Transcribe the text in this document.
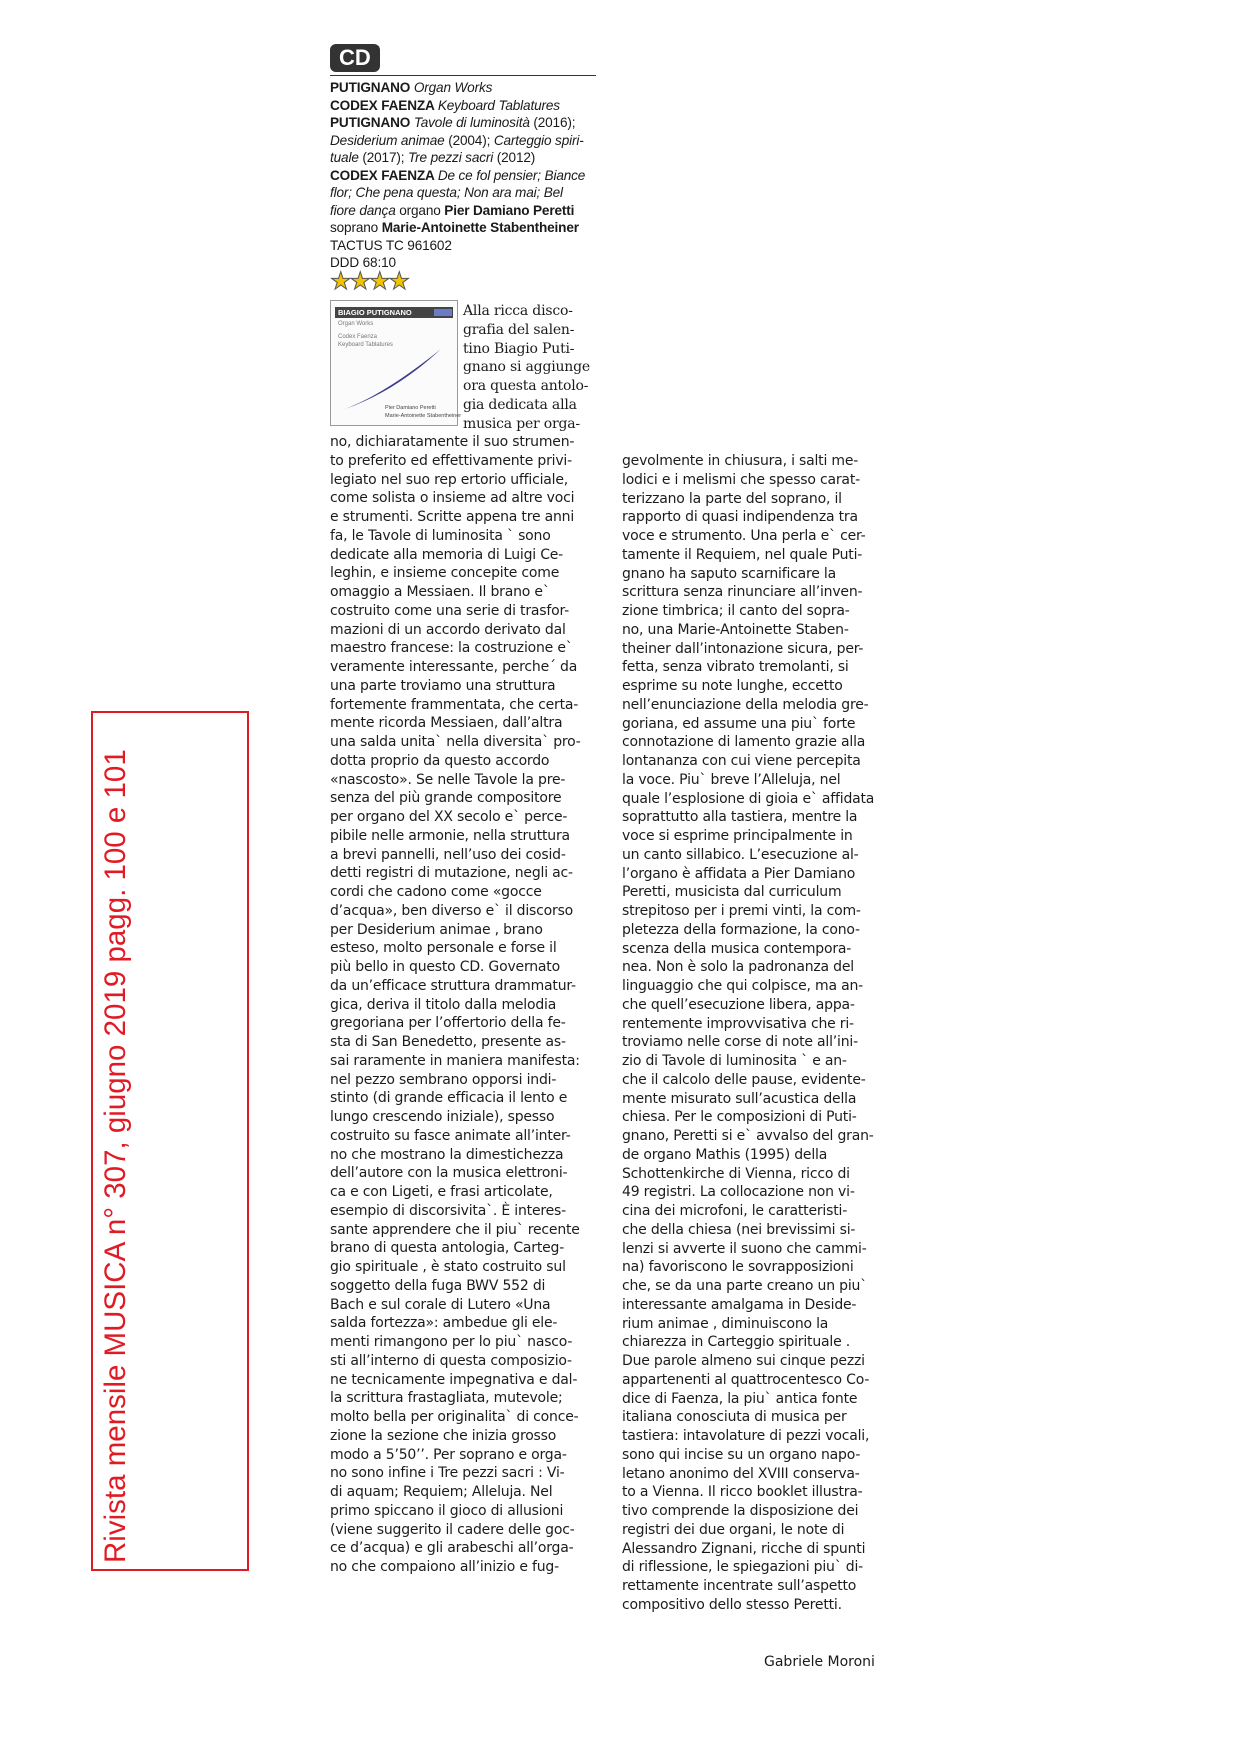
Rivista mensile MUSICA n° 307, giugno 2019 pagg. 100 e 101
CD
PUTIGNANO Organ Works
CODEX FAENZA Keyboard Tablatures
PUTIGNANO Tavole di luminosità (2016);
Desiderium animae (2004); Carteggio spiri-
tuale (2017); Tre pezzi sacri (2012)
CODEX FAENZA De ce fol pensier; Biance
flor; Che pena questa; Non ara mai; Bel
fiore dança organo Pier Damiano Peretti
soprano Marie-Antoinette Stabentheiner
TACTUS TC 961602
DDD 68:10
★★★★
BIAGIO PUTIGNANO
Organ Works
Codex Faenza
Keyboard Tablatures
Pier Damiano Peretti
Marie-Antoinette Stabentheiner
Alla ricca disco-
grafia del salen-
tino Biagio Puti-
gnano si aggiunge
ora questa antolo-
gia dedicata alla
musica per orga-
no, dichiaratamente il suo strumen-
to preferito ed effettivamente privi-
legiato nel suo rep ertorio ufficiale,
come solista o insieme ad altre voci
e strumenti. Scritte appena tre anni
fa, le Tavole di luminosita ` sono
dedicate alla memoria di Luigi Ce-
leghin, e insieme concepite come
omaggio a Messiaen. Il brano e`
costruito come una serie di trasfor-
mazioni di un accordo derivato dal
maestro francese: la costruzione e`
veramente interessante, perche´ da
una parte troviamo una struttura
fortemente frammentata, che certa-
mente ricorda Messiaen, dall’altra
una salda unita` nella diversita` pro-
dotta proprio da questo accordo
«nascosto». Se nelle Tavole la pre-
senza del più grande compositore
per organo del XX secolo e` perce-
pibile nelle armonie, nella struttura
a brevi pannelli, nell’uso dei cosid-
detti registri di mutazione, negli ac-
cordi che cadono come «gocce
d’acqua», ben diverso e` il discorso
per Desiderium animae , brano
esteso, molto personale e forse il
più bello in questo CD. Governato
da un’efficace struttura drammatur-
gica, deriva il titolo dalla melodia
gregoriana per l’offertorio della fe-
sta di San Benedetto, presente as-
sai raramente in maniera manifesta:
nel pezzo sembrano opporsi indi-
stinto (di grande efficacia il lento e
lungo crescendo iniziale), spesso
costruito su fasce animate all’inter-
no che mostrano la dimestichezza
dell’autore con la musica elettroni-
ca e con Ligeti, e frasi articolate,
esempio di discorsivita`. È interes-
sante apprendere che il piu` recente
brano di questa antologia, Carteg-
gio spirituale , è stato costruito sul
soggetto della fuga BWV 552 di
Bach e sul corale di Lutero «Una
salda fortezza»: ambedue gli ele-
menti rimangono per lo piu` nasco-
sti all’interno di questa composizio-
ne tecnicamente impegnativa e dal-
la scrittura frastagliata, mutevole;
molto bella per originalita` di conce-
zione la sezione che inizia grosso
modo a 5’50’’. Per soprano e orga-
no sono infine i Tre pezzi sacri : Vi-
di aquam; Requiem; Alleluja. Nel
primo spiccano il gioco di allusioni
(viene suggerito il cadere delle goc-
ce d’acqua) e gli arabeschi all’orga-
no che compaiono all’inizio e fug-
gevolmente in chiusura, i salti me-
lodici e i melismi che spesso carat-
terizzano la parte del soprano, il
rapporto di quasi indipendenza tra
voce e strumento. Una perla e` cer-
tamente il Requiem, nel quale Puti-
gnano ha saputo scarnificare la
scrittura senza rinunciare all’inven-
zione timbrica; il canto del sopra-
no, una Marie-Antoinette Staben-
theiner dall’intonazione sicura, per-
fetta, senza vibrato tremolanti, si
esprime su note lunghe, eccetto
nell’enunciazione della melodia gre-
goriana, ed assume una piu` forte
connotazione di lamento grazie alla
lontananza con cui viene percepita
la voce. Piu` breve l’Alleluja, nel
quale l’esplosione di gioia e` affidata
soprattutto alla tastiera, mentre la
voce si esprime principalmente in
un canto sillabico. L’esecuzione al-
l’organo è affidata a Pier Damiano
Peretti, musicista dal curriculum
strepitoso per i premi vinti, la com-
pletezza della formazione, la cono-
scenza della musica contempora-
nea. Non è solo la padronanza del
linguaggio che qui colpisce, ma an-
che quell’esecuzione libera, appa-
rentemente improvvisativa che ri-
troviamo nelle corse di note all’ini-
zio di Tavole di luminosita ` e an-
che il calcolo delle pause, evidente-
mente misurato sull’acustica della
chiesa. Per le composizioni di Puti-
gnano, Peretti si e` avvalso del gran-
de organo Mathis (1995) della
Schottenkirche di Vienna, ricco di
49 registri. La collocazione non vi-
cina dei microfoni, le caratteristi-
che della chiesa (nei brevissimi si-
lenzi si avverte il suono che cammi-
na) favoriscono le sovrapposizioni
che, se da una parte creano un piu`
interessante amalgama in Deside-
rium animae , diminuiscono la
chiarezza in Carteggio spirituale .
Due parole almeno sui cinque pezzi
appartenenti al quattrocentesco Co-
dice di Faenza, la piu` antica fonte
italiana conosciuta di musica per
tastiera: intavolature di pezzi vocali,
sono qui incise su un organo napo-
letano anonimo del XVIII conserva-
to a Vienna. Il ricco booklet illustra-
tivo comprende la disposizione dei
registri dei due organi, le note di
Alessandro Zignani, ricche di spunti
di riflessione, le spiegazioni piu` di-
rettamente incentrate sull’aspetto
compositivo dello stesso Peretti.
Gabriele Moroni
